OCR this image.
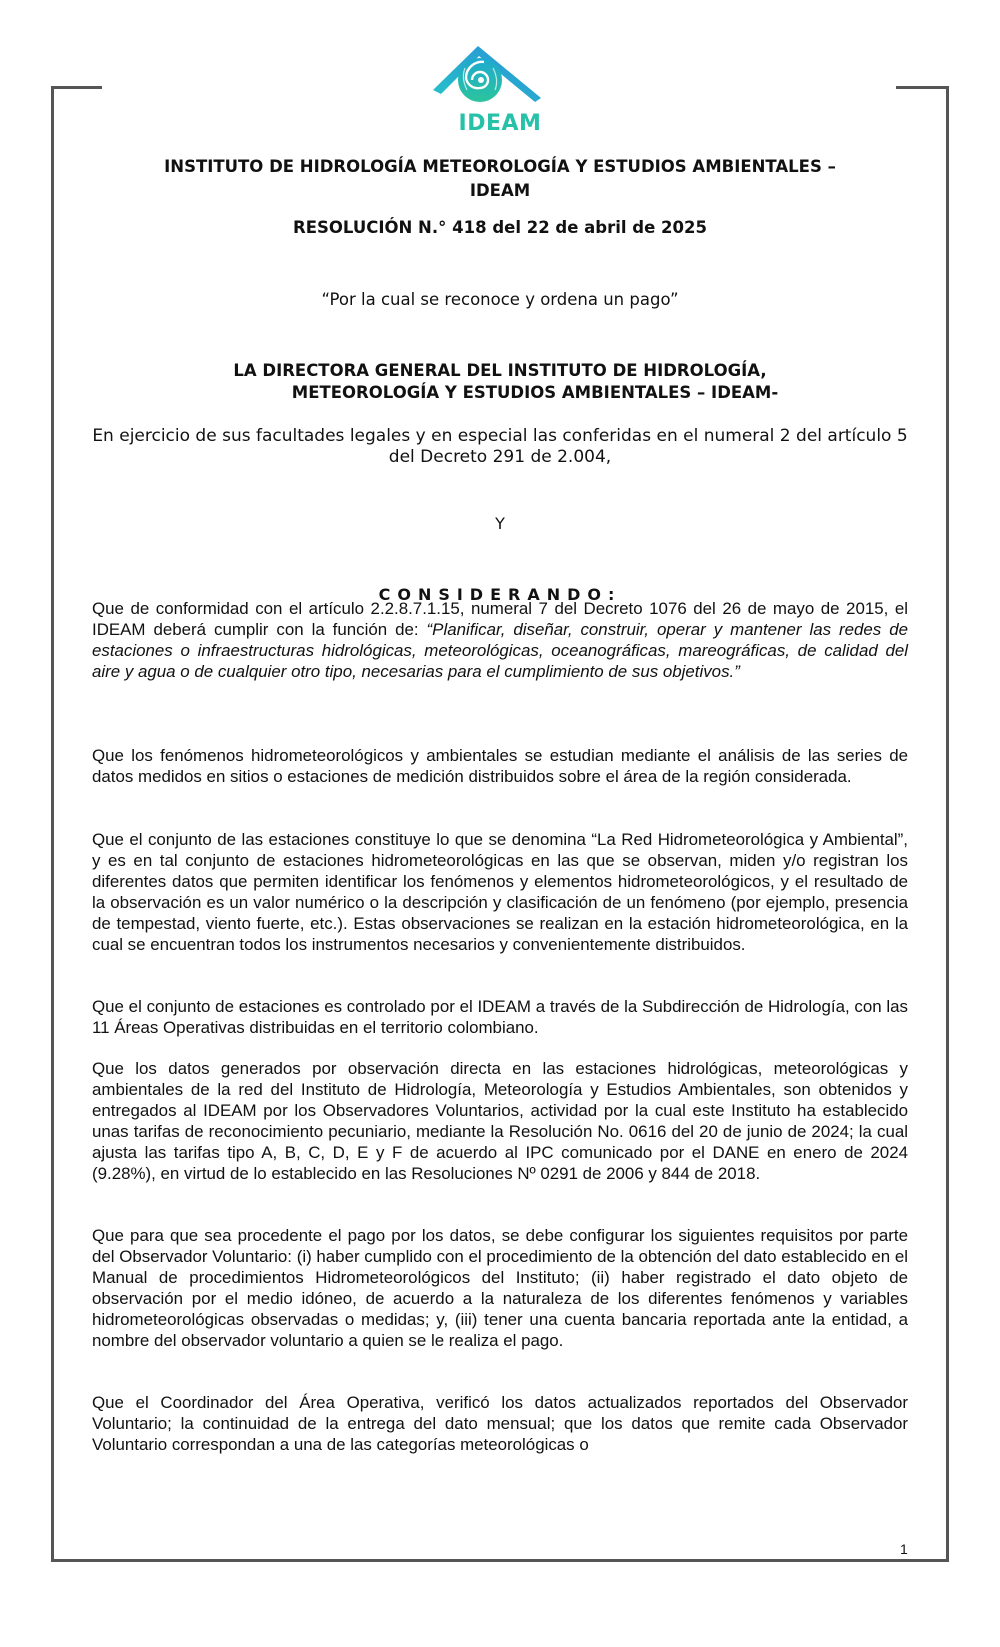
IDEAM
INSTITUTO DE HIDROLOGÍA METEOROLOGÍA Y ESTUDIOS AMBIENTALES –
IDEAM
RESOLUCIÓN N.° 418 del 22 de abril de 2025
“Por la cual se reconoce y ordena un pago”
LA DIRECTORA GENERAL DEL INSTITUTO DE HIDROLOGÍA,
METEOROLOGÍA Y ESTUDIOS AMBIENTALES – IDEAM-
En ejercicio de sus facultades legales y en especial las conferidas en el numeral 2 del artículo 5 del Decreto 291 de 2.004,
Y
CONSIDERANDO:
Que de conformidad con el artículo 2.2.8.7.1.15, numeral 7 del Decreto 1076 del 26 de mayo de 2015, el IDEAM deberá cumplir con la función de: “Planificar, diseñar, construir, operar y mantener las redes de estaciones o infraestructuras hidrológicas, meteorológicas, oceanográficas, mareográficas, de calidad del aire y agua o de cualquier otro tipo, necesarias para el cumplimiento de sus objetivos.”
Que los fenómenos hidrometeorológicos y ambientales se estudian mediante el análisis de las series de datos medidos en sitios o estaciones de medición distribuidos sobre el área de la región considerada.
Que el conjunto de las estaciones constituye lo que se denomina “La Red Hidrometeorológica y Ambiental”, y es en tal conjunto de estaciones hidrometeorológicas en las que se observan, miden y/o registran los diferentes datos que permiten identificar los fenómenos y elementos hidrometeorológicos, y el resultado de la observación es un valor numérico o la descripción y clasificación de un fenómeno (por ejemplo, presencia de tempestad, viento fuerte, etc.). Estas observaciones se realizan en la estación hidrometeorológica, en la cual se encuentran todos los instrumentos necesarios y convenientemente distribuidos.
Que el conjunto de estaciones es controlado por el IDEAM a través de la Subdirección de Hidrología, con las 11 Áreas Operativas distribuidas en el territorio colombiano.
Que los datos generados por observación directa en las estaciones hidrológicas, meteorológicas y ambientales de la red del Instituto de Hidrología, Meteorología y Estudios Ambientales, son obtenidos y entregados al IDEAM por los Observadores Voluntarios, actividad por la cual este Instituto ha establecido unas tarifas de reconocimiento pecuniario, mediante la Resolución No. 0616 del 20 de junio de 2024; la cual ajusta las tarifas tipo A, B, C, D, E y F de acuerdo al IPC comunicado por el DANE en enero de 2024 (9.28%), en virtud de lo establecido en las Resoluciones Nº 0291 de 2006 y 844 de 2018.
Que para que sea procedente el pago por los datos, se debe configurar los siguientes requisitos por parte del Observador Voluntario: (i) haber cumplido con el procedimiento de la obtención del dato establecido en el Manual de procedimientos Hidrometeorológicos del Instituto; (ii) haber registrado el dato objeto de observación por el medio idóneo, de acuerdo a la naturaleza de los diferentes fenómenos y variables hidrometeorológicas observadas o medidas; y, (iii) tener una cuenta bancaria reportada ante la entidad, a nombre del observador voluntario a quien se le realiza el pago.
Que el Coordinador del Área Operativa, verificó los datos actualizados reportados del Observador Voluntario; la continuidad de la entrega del dato mensual; que los datos que remite cada Observador Voluntario correspondan a una de las categorías meteorológicas o
1
